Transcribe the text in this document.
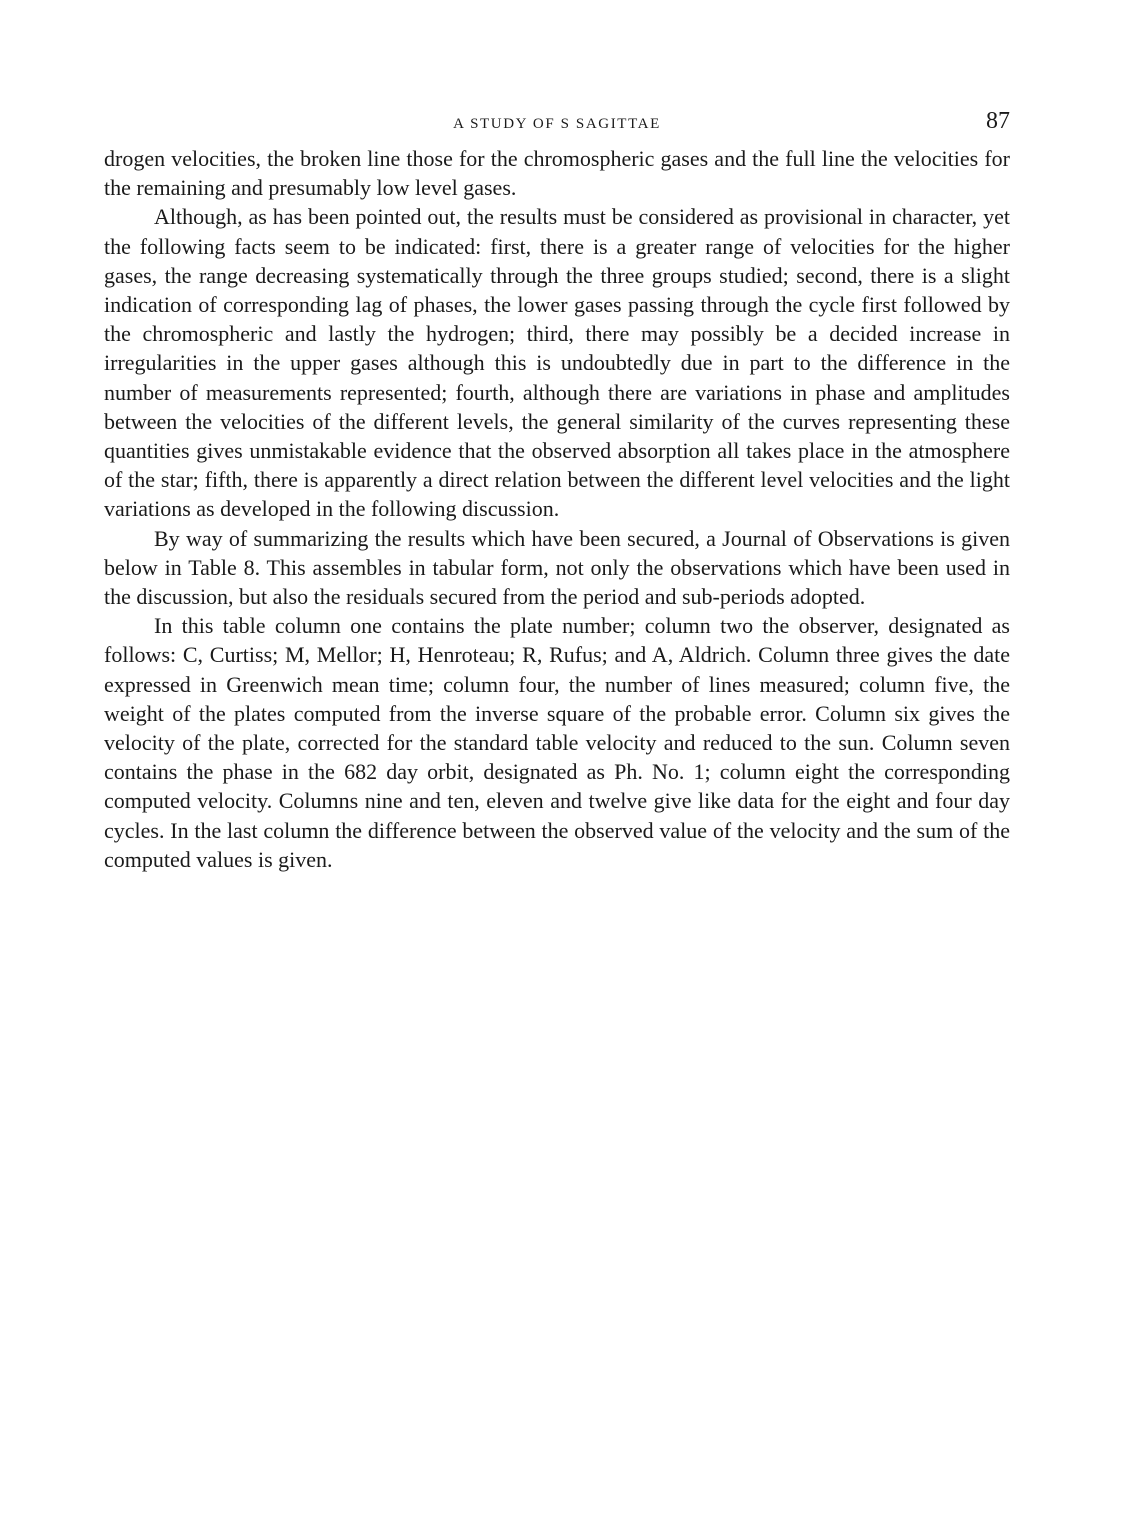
A STUDY OF S SAGITTAE	87

drogen velocities, the broken line those for the chromospheric gases and the full line the velocities for the remaining and presumably low level gases.

Although, as has been pointed out, the results must be considered as provisional in character, yet the following facts seem to be indicated: first, there is a greater range of velocities for the higher gases, the range decreasing systematically through the three groups studied; second, there is a slight indication of corresponding lag of phases, the lower gases passing through the cycle first followed by the chromospheric and lastly the hydrogen; third, there may possibly be a decided increase in irregularities in the upper gases although this is undoubtedly due in part to the difference in the number of measurements represented; fourth, although there are variations in phase and amplitudes between the velocities of the different levels, the general similarity of the curves representing these quantities gives unmistakable evidence that the observed absorption all takes place in the atmosphere of the star; fifth, there is apparently a direct relation between the different level velocities and the light variations as developed in the following discussion.

By way of summarizing the results which have been secured, a Journal of Observations is given below in Table 8. This assembles in tabular form, not only the observations which have been used in the discussion, but also the residuals secured from the period and sub-periods adopted.

In this table column one contains the plate number; column two the observer, designated as follows: C, Curtiss; M, Mellor; H, Henroteau; R, Rufus; and A, Aldrich. Column three gives the date expressed in Greenwich mean time; column four, the number of lines measured; column five, the weight of the plates computed from the inverse square of the probable error. Column six gives the velocity of the plate, corrected for the standard table velocity and reduced to the sun. Column seven contains the phase in the 682 day orbit, designated as Ph. No. 1; column eight the corresponding computed velocity. Columns nine and ten, eleven and twelve give like data for the eight and four day cycles. In the last column the difference between the observed value of the velocity and the sum of the computed values is given.
